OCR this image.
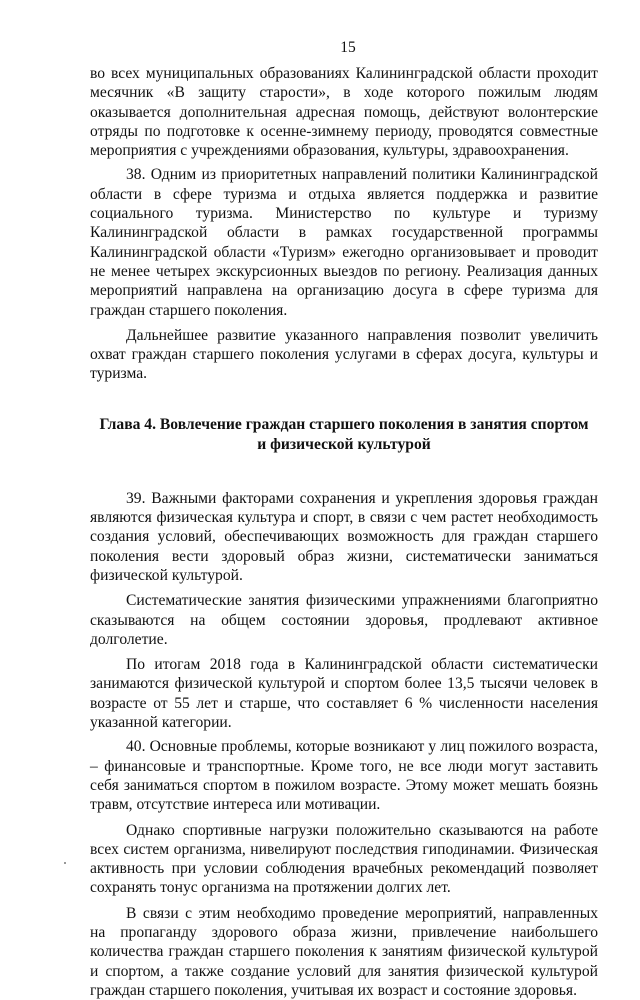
15

во всех муниципальных образованиях Калининградской области проходит месячник «В защиту старости», в ходе которого пожилым людям оказывается дополнительная адресная помощь, действуют волонтерские отряды по подготовке к осенне-зимнему периоду, проводятся совместные мероприятия с учреждениями образования, культуры, здравоохранения.

38. Одним из приоритетных направлений политики Калининградской области в сфере туризма и отдыха является поддержка и развитие социального туризма. Министерство по культуре и туризму Калининградской области в рамках государственной программы Калининградской области «Туризм» ежегодно организовывает и проводит не менее четырех экскурсионных выездов по региону. Реализация данных мероприятий направлена на организацию досуга в сфере туризма для граждан старшего поколения.

Дальнейшее развитие указанного направления позволит увеличить охват граждан старшего поколения услугами в сферах досуга, культуры и туризма.

Глава 4. Вовлечение граждан старшего поколения в занятия спортом
и физической культурой

39. Важными факторами сохранения и укрепления здоровья граждан являются физическая культура и спорт, в связи с чем растет необходимость создания условий, обеспечивающих возможность для граждан старшего поколения вести здоровый образ жизни, систематически заниматься физической культурой.

Систематические занятия физическими упражнениями благоприятно сказываются на общем состоянии здоровья, продлевают активное долголетие.

По итогам 2018 года в Калининградской области систематически занимаются физической культурой и спортом более 13,5 тысячи человек в возрасте от 55 лет и старше, что составляет 6 % численности населения указанной категории.

40. Основные проблемы, которые возникают у лиц пожилого возраста, – финансовые и транспортные. Кроме того, не все люди могут заставить себя заниматься спортом в пожилом возрасте. Этому может мешать боязнь травм, отсутствие интереса или мотивации.

Однако спортивные нагрузки положительно сказываются на работе всех систем организма, нивелируют последствия гиподинамии. Физическая активность при условии соблюдения врачебных рекомендаций позволяет сохранять тонус организма на протяжении долгих лет.

В связи с этим необходимо проведение мероприятий, направленных на пропаганду здорового образа жизни, привлечение наибольшего количества граждан старшего поколения к занятиям физической культурой и спортом, а также создание условий для занятия физической культурой граждан старшего поколения, учитывая их возраст и состояние здоровья.
